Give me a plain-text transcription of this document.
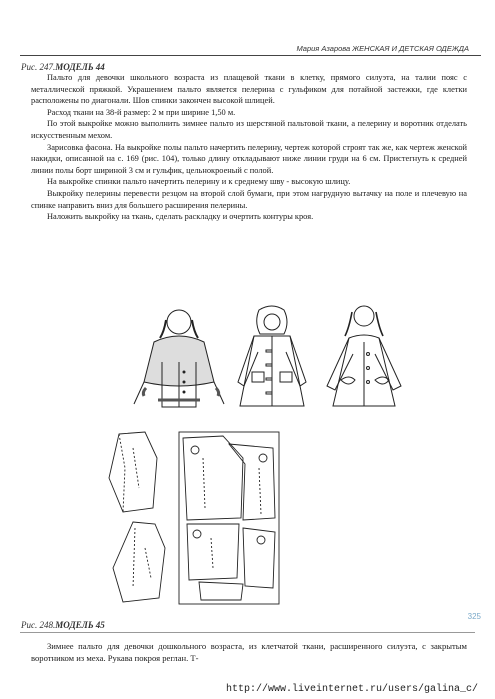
Мария Азарова ЖЕНСКАЯ И ДЕТСКАЯ ОДЕЖДА
Рис. 247.МОДЕЛЬ 44

Пальто для девочки школьного возраста из плащевой ткани в клетку, прямого силуэта, на талии пояс с металлической пряжкой. Украшением пальто является пелерина с гульфиком для потайной застежки, где клетки расположены по диагонали. Шов спинки закончен высокой шлицей.

Расход ткани на 38-й размер: 2 м при ширине 1,50 м.

По этой выкройке можно выполнить зимнее пальто из шерстяной пальтовой ткани, а пелерину и воротник отделать искусственным мехом.

Зарисовка фасона. На выкройке полы пальто начертить пелерину, чертеж которой строят так же, как чертеж женской накидки, описанной на с. 169 (рис. 104), только длину откладывают ниже линии груди на 6 см. Пристегнуть к средней линии полы борт шириной 3 см и гульфик, цельнокроеный с полой.

На выкройке спинки пальто начертить пелерину и к среднему шву - высокую шлицу.

Выкройку пелерины перевести резцом на второй слой бумаги, при этом нагрудную вытачку на поле и плечевую на спинке направить вниз для большего расширения пелерины.

Наложить выкройку на ткань, сделать раскладку и очертить контуры кроя.

Рис. 248.МОДЕЛЬ 45
325

Зимнее пальто для девочки дошкольного возраста, из клетчатой ткани, расширенного силуэта, с закрытым воротником из меха. Рукава покроя реглан. Т-

http://www.liveinternet.ru/users/galina_c/
